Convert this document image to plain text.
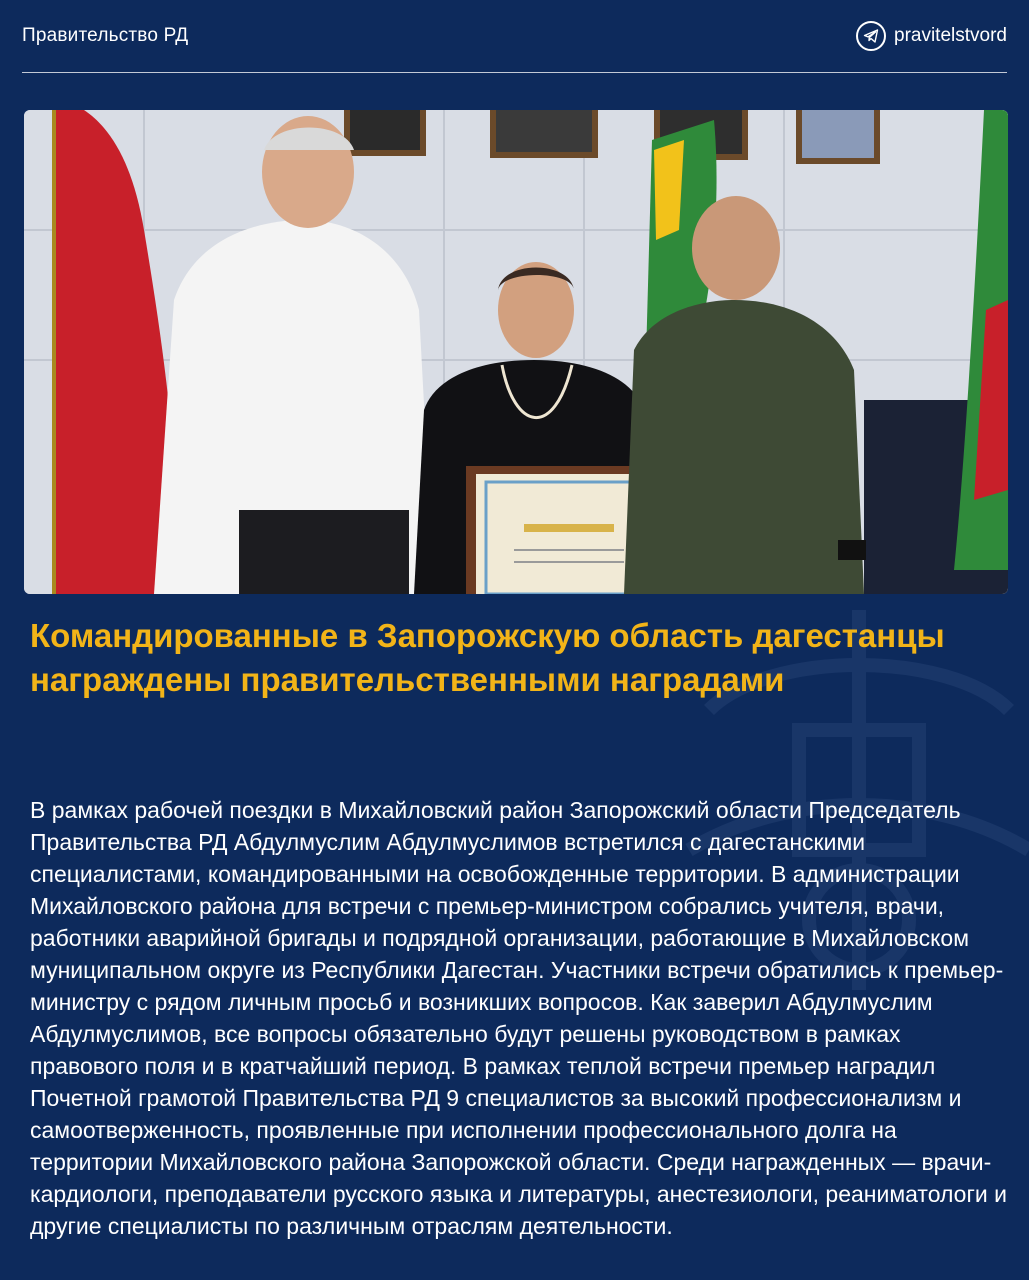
Правительство РД	pravitelstvord
Командированные в Запорожскую область дагестанцы награждены правительственными наградами

В рамках рабочей поездки в Михайловский район Запорожский области Председатель Правительства РД Абдулмуслим Абдулмуслимов встретился с дагестанскими специалистами, командированными на освобожденные территории. В администрации Михайловского района для встречи с премьер-министром собрались учителя, врачи, работники аварийной бригады и подрядной организации, работающие в Михайловском муниципальном округе из Республики Дагестан. Участники встречи обратились к премьер-министру с рядом личным просьб и возникших вопросов. Как заверил Абдулмуслим Абдулмуслимов, все вопросы обязательно будут решены руководством в рамках правового поля и в кратчайший период. В рамках теплой встречи премьер наградил Почетной грамотой Правительства РД 9 специалистов за высокий профессионализм и самоотверженность, проявленные при исполнении профессионального долга на территории Михайловского района Запорожской области. Среди награжденных — врачи-кардиологи, преподаватели русского языка и литературы, анестезиологи, реаниматологи и другие специалисты по различным отраслям деятельности.
